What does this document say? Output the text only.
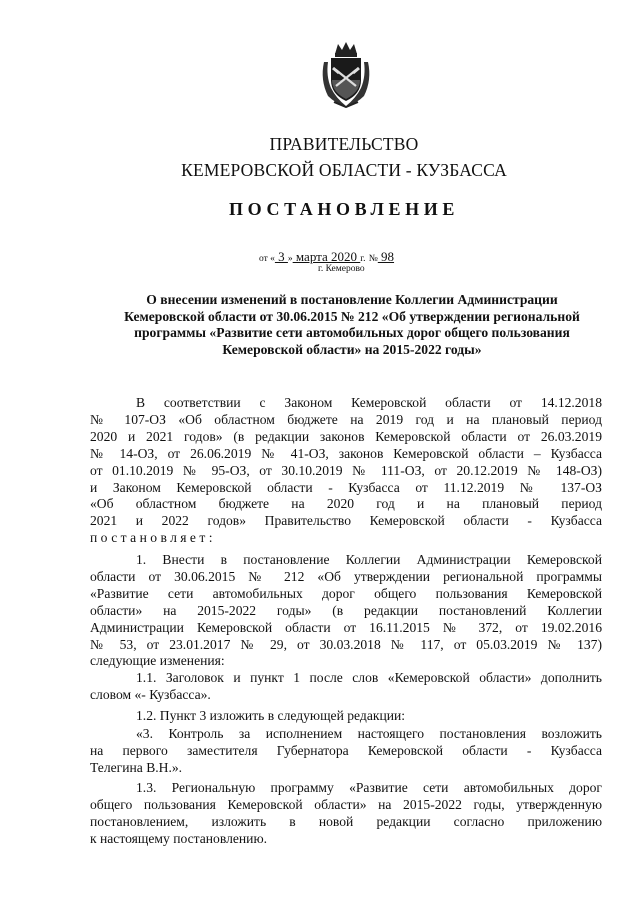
ПРАВИТЕЛЬСТВО
КЕМЕРОВСКОЙ ОБЛАСТИ - КУЗБАССА
ПОСТАНОВЛЕНИЕ
от « 3 » марта 2020 г. № 98
г. Кемерово
О внесении изменений в постановление Коллегии Администрации
Кемеровской области от 30.06.2015 № 212 «Об утверждении региональной
программы «Развитие сети автомобильных дорог общего пользования
Кемеровской области» на 2015-2022 годы»
В соответствии с Законом Кемеровской области от 14.12.2018
№ 107-ОЗ «Об областном бюджете на 2019 год и на плановый период
2020 и 2021 годов» (в редакции законов Кемеровской области от 26.03.2019
№ 14-ОЗ, от 26.06.2019 № 41-ОЗ, законов Кемеровской области – Кузбасса
от 01.10.2019 № 95-ОЗ, от 30.10.2019 № 111-ОЗ, от 20.12.2019 № 148-ОЗ)
и Законом Кемеровской области - Кузбасса от 11.12.2019 № 137-ОЗ
«Об областном бюджете на 2020 год и на плановый период
2021 и 2022 годов» Правительство Кемеровской области - Кузбасса
постановляет:
1. Внести в постановление Коллегии Администрации Кемеровской
области от 30.06.2015 № 212 «Об утверждении региональной программы
«Развитие сети автомобильных дорог общего пользования Кемеровской
области» на 2015-2022 годы» (в редакции постановлений Коллегии
Администрации Кемеровской области от 16.11.2015 № 372, от 19.02.2016
№ 53, от 23.01.2017 № 29, от 30.03.2018 № 117, от 05.03.2019 № 137)
следующие изменения:
1.1. Заголовок и пункт 1 после слов «Кемеровской области» дополнить
словом «- Кузбасса».
1.2. Пункт 3 изложить в следующей редакции:
«3. Контроль за исполнением настоящего постановления возложить
на первого заместителя Губернатора Кемеровской области - Кузбасса
Телегина В.Н.».
1.3. Региональную программу «Развитие сети автомобильных дорог
общего пользования Кемеровской области» на 2015-2022 годы, утвержденную
постановлением, изложить в новой редакции согласно приложению
к настоящему постановлению.
